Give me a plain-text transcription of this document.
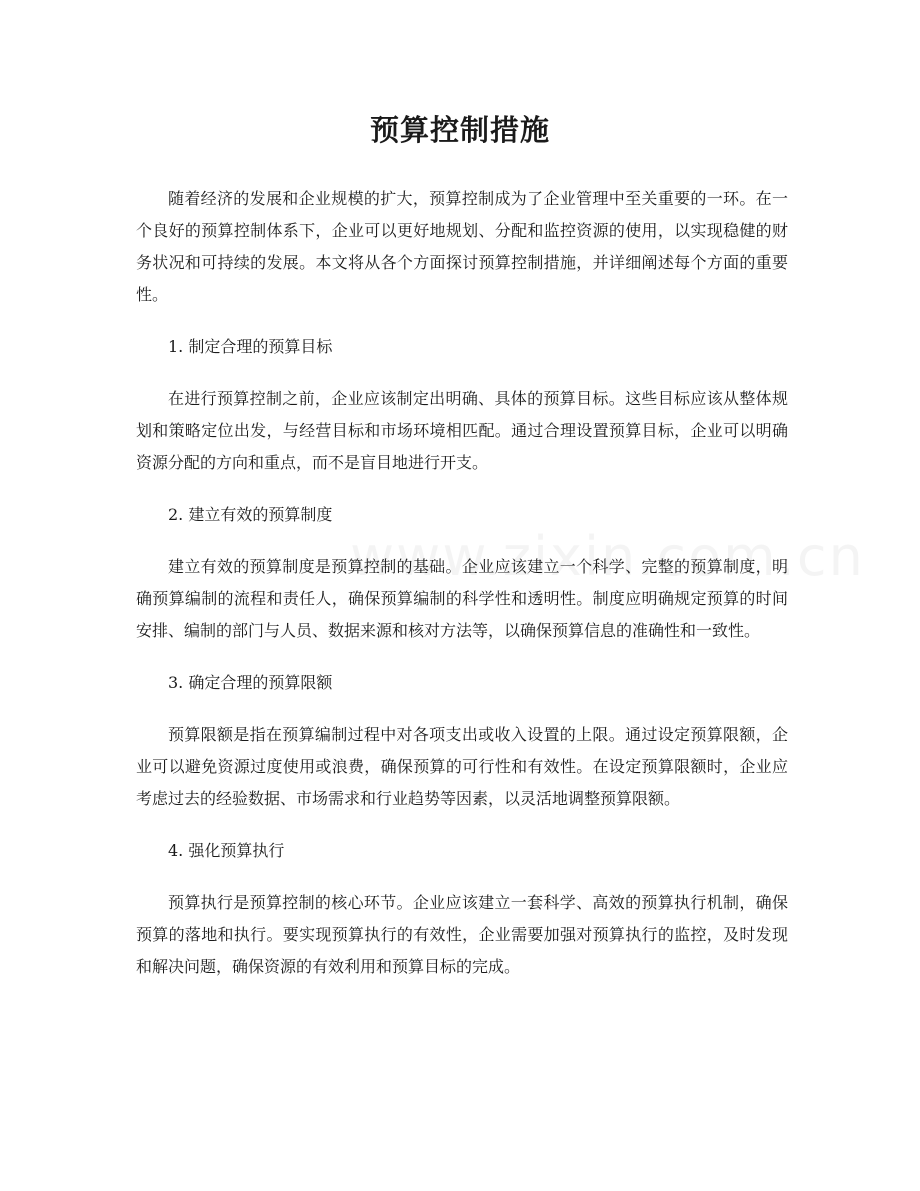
预算控制措施

随着经济的发展和企业规模的扩大，预算控制成为了企业管理中至关重要的一环。在一个良好的预算控制体系下，企业可以更好地规划、分配和监控资源的使用，以实现稳健的财务状况和可持续的发展。本文将从各个方面探讨预算控制措施，并详细阐述每个方面的重要性。

1. 制定合理的预算目标

在进行预算控制之前，企业应该制定出明确、具体的预算目标。这些目标应该从整体规划和策略定位出发，与经营目标和市场环境相匹配。通过合理设置预算目标，企业可以明确资源分配的方向和重点，而不是盲目地进行开支。

2. 建立有效的预算制度

建立有效的预算制度是预算控制的基础。企业应该建立一个科学、完整的预算制度，明确预算编制的流程和责任人，确保预算编制的科学性和透明性。制度应明确规定预算的时间安排、编制的部门与人员、数据来源和核对方法等，以确保预算信息的准确性和一致性。

3. 确定合理的预算限额

预算限额是指在预算编制过程中对各项支出或收入设置的上限。通过设定预算限额，企业可以避免资源过度使用或浪费，确保预算的可行性和有效性。在设定预算限额时，企业应考虑过去的经验数据、市场需求和行业趋势等因素，以灵活地调整预算限额。

4. 强化预算执行

预算执行是预算控制的核心环节。企业应该建立一套科学、高效的预算执行机制，确保预算的落地和执行。要实现预算执行的有效性，企业需要加强对预算执行的监控，及时发现和解决问题，确保资源的有效利用和预算目标的完成。
